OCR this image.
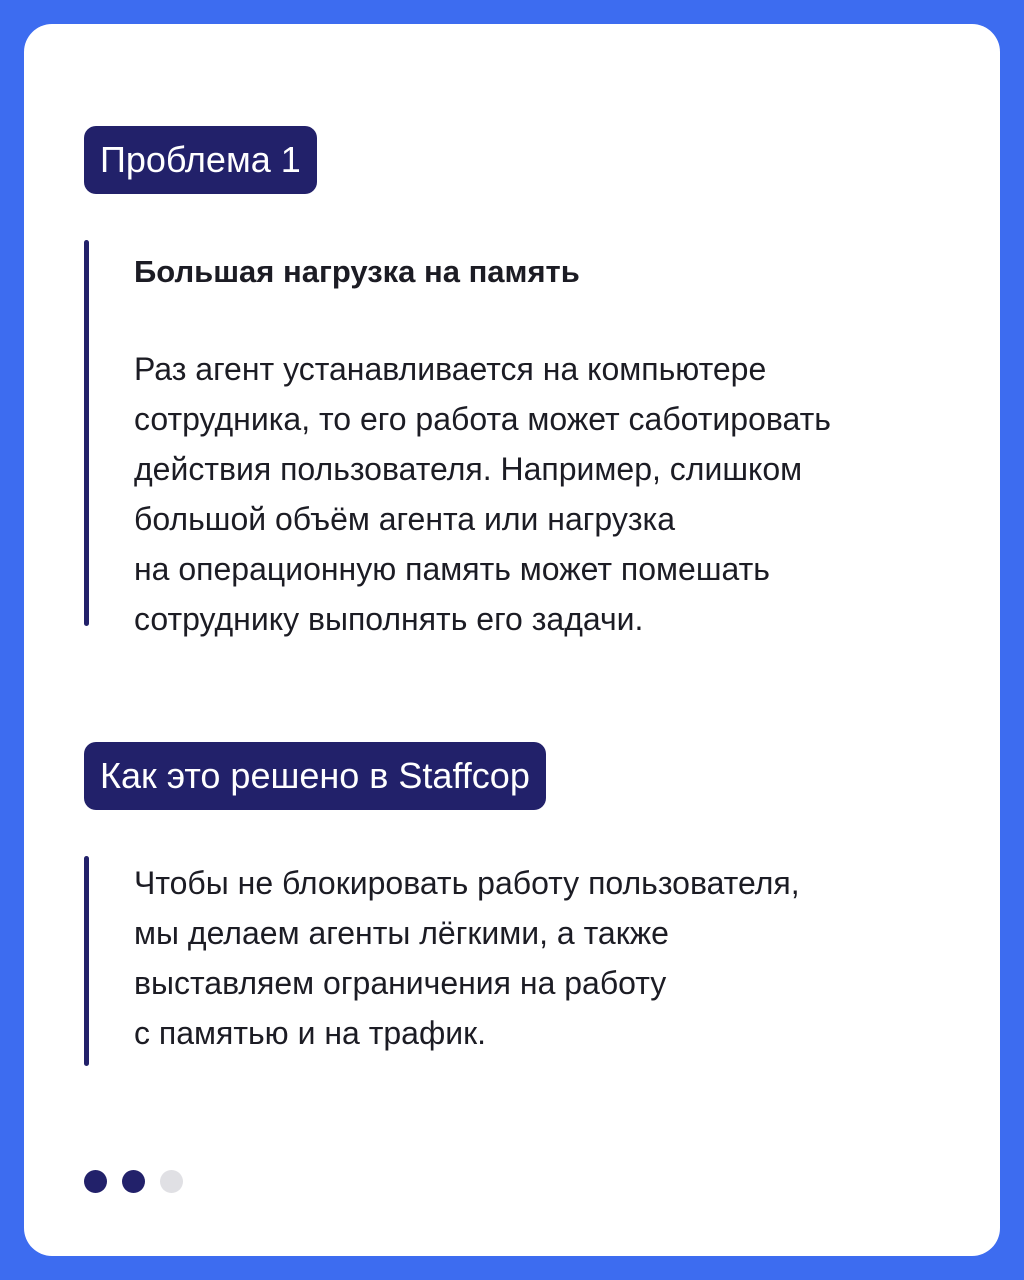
Проблема 1
Большая нагрузка на память
Раз агент устанавливается на компьютере
сотрудника, то его работа может саботировать
действия пользователя. Например, слишком
большой объём агента или нагрузка
на операционную память может помешать
сотруднику выполнять его задачи.
Как это решено в Staffcop
Чтобы не блокировать работу пользователя,
мы делаем агенты лёгкими, а также
выставляем ограничения на работу
с памятью и на трафик.
